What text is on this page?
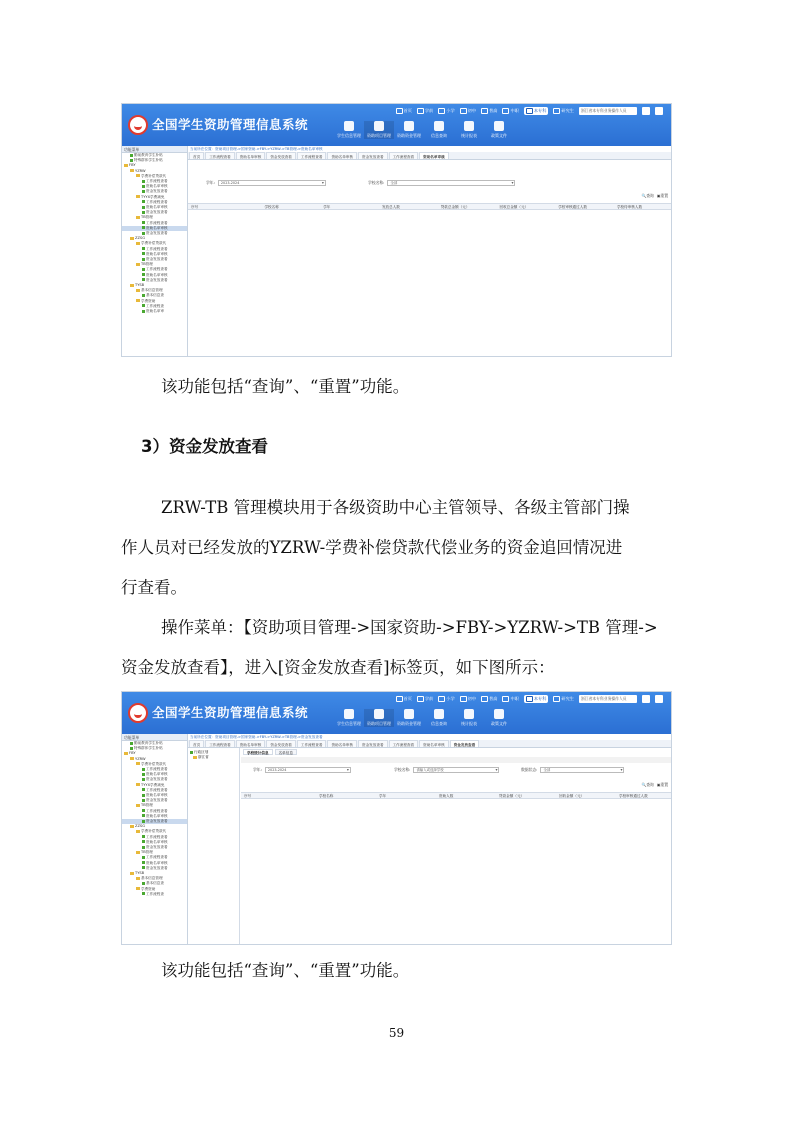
全国学生资助管理信息系统
首页	学前	小学	初中	普高	中职	本专科	研究生	浙江省本专科业务操作人员
学生信息管理	资助项目管理	资助资金管理	信息查询	统计报表	政策文件
功能菜单
勤前教育学生补贴
特殊群体学生补贴
FBY
YZRW
学费补偿贷款代
工作流程查看
资助名单审核
资金发放查看
TYYX学费减免
工作流程查看
资助名单审核
资金发放查看
TB管理
工作流程查看
资助名单审核
资金发放查看
ZZSG
学费补偿贷款代
工作流程查看
资助名单审核
资金发放查看
TB管理
工作流程查看
资助名单审核
资金发放查看
TYSB
基本信息管理
基本信息查
学费资助
工作流程查
资助名单审
当前所在位置：资助项目管理->国家资助->FBY->YZRW->TB管理->资助名单审核
首页	工作流程查看	资助名单审核	资金发放查看	工作流程查看	资助名单审核	资金发放查看	工作流程查看	资助名单审核
学年:	2023-2024 ▾	学校名称:	全部 ▾
🔍查询 ▣重置
序号	学校名称	学年	发放总人数	贷款总金额（元）	回收总金额（元）	学校审核通过人数	学校待审核人数
该功能包括“查询”、“重置”功能。
3）资金发放查看
ZRW-TB 管理模块用于各级资助中心主管领导、各级主管部门操
作人员对已经发放的YZRW-学费补偿贷款代偿业务的资金追回情况进
行查看。
操作菜单：【资助项目管理->国家资助->FBY->YZRW->TB 管理->
资金发放查看】，进入[资金发放查看]标签页，如下图所示：
全国学生资助管理信息系统
首页	学前	小学	初中	普高	中职	本专科	研究生	浙江省本专科业务操作人员
学生信息管理	资助项目管理	资助资金管理	信息查询	统计报表	政策文件
功能菜单
勤前教育学生补贴
特殊群体学生补贴
FBY
YZRW
学费补偿贷款代
工作流程查看
资助名单审核
资金发放查看
TYYX学费减免
工作流程查看
资助名单审核
资金发放查看
TB管理
工作流程查看
资助名单审核
资金发放查看
ZZSG
学费补偿贷款代
工作流程查看
资助名单审核
资金发放查看
TB管理
工作流程查看
资助名单审核
资金发放查看
TYSB
基本信息管理
基本信息查
学费资助
工作流程查
当前所在位置：资助项目管理->国家资助->FBY->YZRW->TB管理->资金发放查看
首页	工作流程查看	资助名单审核	资金发放查看	工作流程查看	资助名单审核	资金发放查看	工作流程查看	资助名单审核	资金发放查看
行政区划
浙江省
学校统计信息	名单信息
学年:	2023-2024 ▾	学校名称:	请输入或选择学校 ▾	数据状态:	全部 ▾
🔍查询 ▣重置
序号	学校名称	学年	资助人数	贷款金额（元）	回收金额（元）	学校审核通过人数
该功能包括“查询”、“重置”功能。
59
